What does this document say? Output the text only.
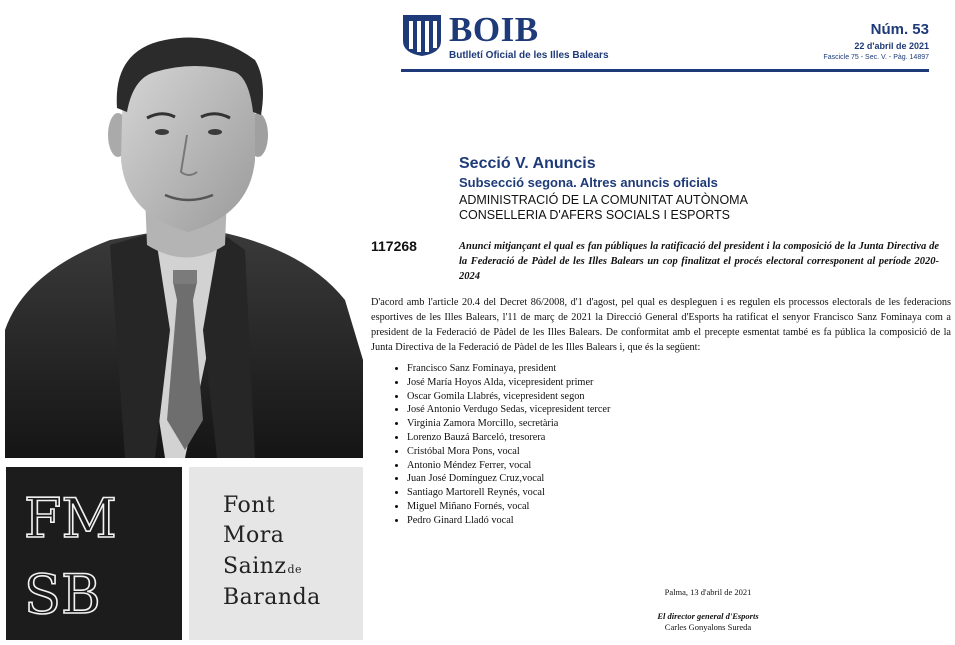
FM
SB
Font
Mora
Sainzde
Baranda
BOIB
Butlletí Oficial de les Illes Balears
Núm. 53
22 d'abril de 2021
Fascicle 75 - Sec. V. - Pàg. 14897
Secció V. Anuncis
Subsecció segona. Altres anuncis oficials
ADMINISTRACIÓ DE LA COMUNITAT AUTÒNOMA
CONSELLERIA D'AFERS SOCIALS I ESPORTS
117268	Anunci mitjançant el qual es fan públiques la ratificació del president i la composició de la Junta Directiva de la Federació de Pàdel de les Illes Balears un cop finalitzat el procés electoral corresponent al període 2020-2024
D'acord amb l'article 20.4 del Decret 86/2008, d'1 d'agost, pel qual es despleguen i es regulen els processos electorals de les federacions esportives de les Illes Balears, l'11 de març de 2021 la Direcció General d'Esports ha ratificat el senyor Francisco Sanz Fominaya com a president de la Federació de Pàdel de les Illes Balears. De conformitat amb el precepte esmentat també es fa pública la composició de la Junta Directiva de la Federació de Pàdel de les Illes Balears i, que és la següent:
• Francisco Sanz Fominaya, president
• José María Hoyos Alda, vicepresident primer
• Oscar Gomila Llabrés, vicepresident segon
• José Antonio Verdugo Sedas, vicepresident tercer
• Virginia Zamora Morcillo, secretària
• Lorenzo Bauzá Barceló, tresorera
• Cristóbal Mora Pons, vocal
• Antonio Méndez Ferrer, vocal
• Juan José Domínguez Cruz,vocal
• Santiago Martorell Reynés, vocal
• Miguel Miñano Fornés, vocal
• Pedro Ginard Lladó vocal
Palma, 13 d'abril de 2021
El director general d'Esports
Carles Gonyalons Sureda
